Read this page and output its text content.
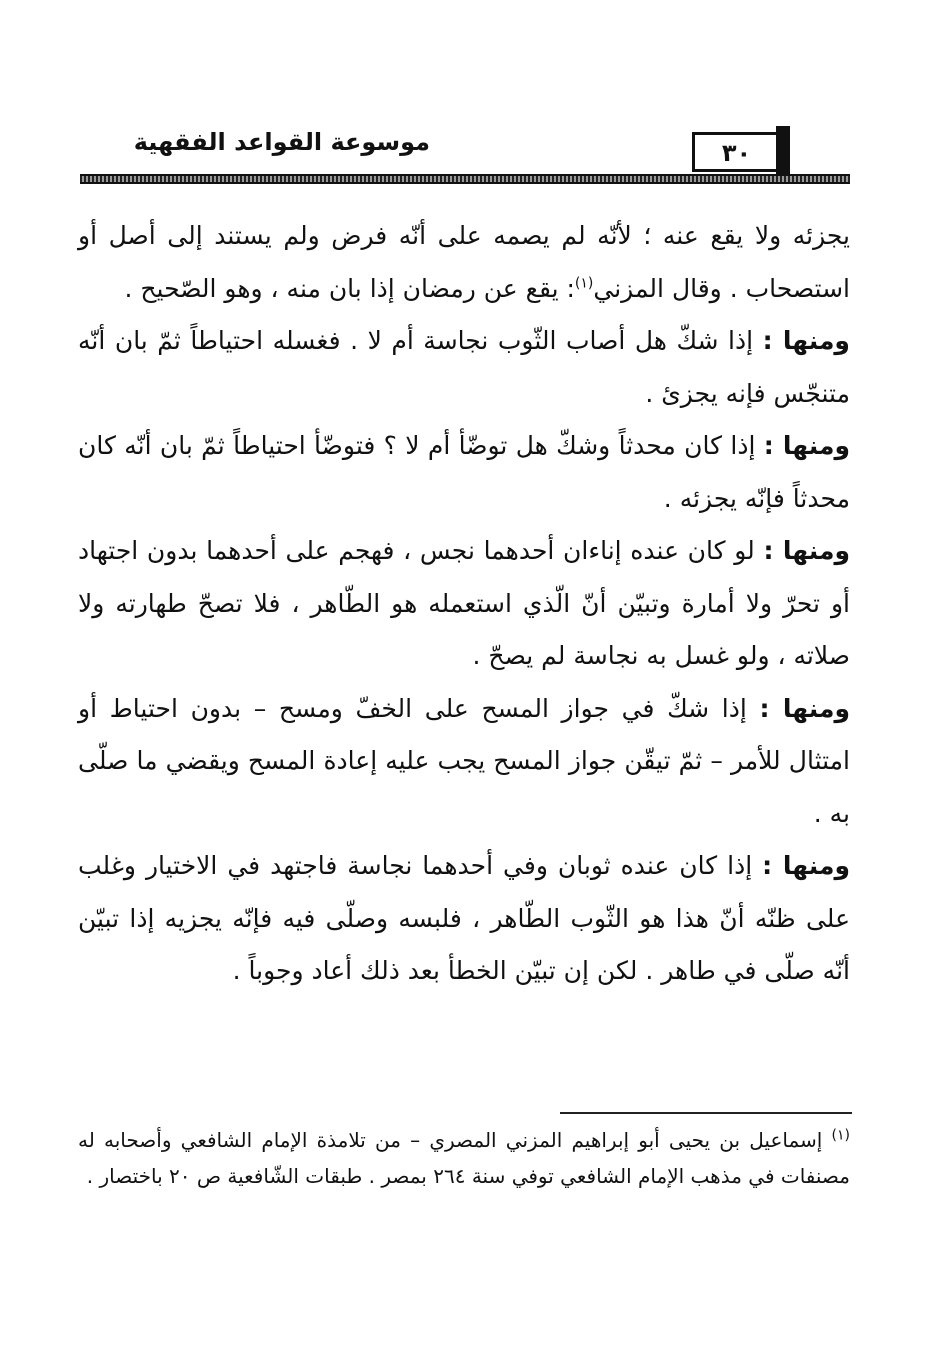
موسوعة القواعد الفقهية	٣٠

يجزئه ولا يقع عنه ؛ لأنّه لم يصمه على أنّه فرض ولم يستند إلى أصل أو استصحاب . وقال المزني$^{(١)}$: يقع عن رمضان إذا بان منه ، وهو الصّحيح .

ومنها : إذا شكّ هل أصاب الثّوب نجاسة أم لا . فغسله احتياطاً ثمّ بان أنّه متنجّس فإنه يجزئ .

ومنها : إذا كان محدثاً وشكّ هل توضّأ أم لا ؟ فتوضّأ احتياطاً ثمّ بان أنّه كان محدثاً فإنّه يجزئه .

ومنها : لو كان عنده إناءان أحدهما نجس ، فهجم على أحدهما بدون اجتهاد أو تحرّ ولا أمارة وتبيّن أنّ الّذي استعمله هو الطّاهر ، فلا تصحّ طهارته ولا صلاته ، ولو غسل به نجاسة لم يصحّ .

ومنها : إذا شكّ في جواز المسح على الخفّ ومسح – بدون احتياط أو امتثال للأمر – ثمّ تيقّن جواز المسح يجب عليه إعادة المسح ويقضي ما صلّى به .

ومنها : إذا كان عنده ثوبان وفي أحدهما نجاسة فاجتهد في الاختيار وغلب على ظنّه أنّ هذا هو الثّوب الطّاهر ، فلبسه وصلّى فيه فإنّه يجزيه إذا تبيّن أنّه صلّى في طاهر . لكن إن تبيّن الخطأ بعد ذلك أعاد وجوباً .

$^{(١)}$ إسماعيل بن يحيى أبو إبراهيم المزني المصري – من تلامذة الإمام الشافعي وأصحابه له مصنفات في مذهب الإمام الشافعي توفي سنة ٢٦٤ بمصر . طبقات الشّافعية ص ٢٠ باختصار .
